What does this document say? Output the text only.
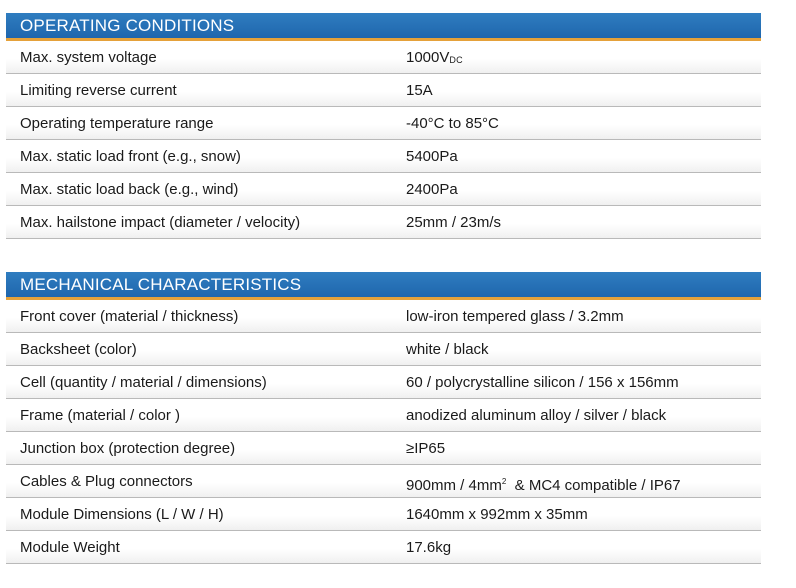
OPERATING CONDITIONS
Max. system voltage	1000VDC
Limiting reverse current	15A
Operating temperature range	-40°C to 85°C
Max. static load front (e.g., snow)	5400Pa
Max. static load back (e.g., wind)	2400Pa
Max. hailstone impact (diameter / velocity)	25mm / 23m/s
MECHANICAL CHARACTERISTICS
Front cover (material / thickness)	low-iron tempered glass / 3.2mm
Backsheet (color)	white / black
Cell (quantity / material / dimensions)	60 / polycrystalline silicon / 156 x 156mm
Frame (material / color )	anodized aluminum alloy / silver / black
Junction box (protection degree)	≥IP65
Cables & Plug connectors	$900mm / 4mm^2$  & MC4 compatible / IP67
Module Dimensions (L / W / H)	1640mm x 992mm x 35mm
Module Weight	17.6kg
